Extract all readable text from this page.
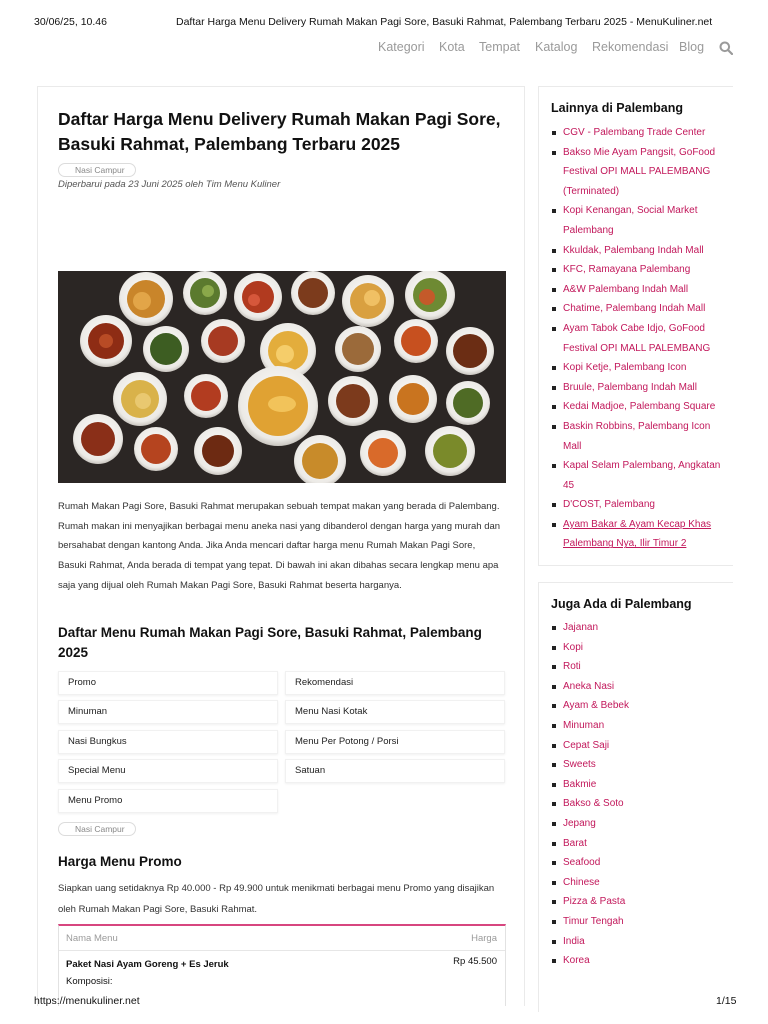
30/06/25, 10.46	Daftar Harga Menu Delivery Rumah Makan Pagi Sore, Basuki Rahmat, Palembang Terbaru 2025 - MenuKuliner.net
Kategori Kota Tempat Katalog Rekomendasi Blog
Daftar Harga Menu Delivery Rumah Makan Pagi Sore, Basuki Rahmat, Palembang Terbaru 2025
Nasi Campur

Diperbarui pada 23 Juni 2025 oleh Tim Menu Kuliner

Rumah Makan Pagi Sore, Basuki Rahmat merupakan sebuah tempat makan yang berada di Palembang. Rumah makan ini menyajikan berbagai menu aneka nasi yang dibanderol dengan harga yang murah dan bersahabat dengan kantong Anda. Jika Anda mencari daftar harga menu Rumah Makan Pagi Sore, Basuki Rahmat, Anda berada di tempat yang tepat. Di bawah ini akan dibahas secara lengkap menu apa saja yang dijual oleh Rumah Makan Pagi Sore, Basuki Rahmat beserta harganya.

Daftar Menu Rumah Makan Pagi Sore, Basuki Rahmat, Palembang 2025
Promo	Rekomendasi
Minuman	Menu Nasi Kotak
Nasi Bungkus	Menu Per Potong / Porsi
Special Menu	Satuan
Menu Promo
Nasi Campur
Harga Menu Promo

Siapkan uang setidaknya Rp 40.000 - Rp 49.900 untuk menikmati berbagai menu Promo yang disajikan oleh Rumah Makan Pagi Sore, Basuki Rahmat.

Nama Menu	Harga
Paket Nasi Ayam Goreng + Es Jeruk	Rp 45.500
Komposisi:
Lainnya di Palembang
CGV - Palembang Trade Center
Bakso Mie Ayam Pangsit, GoFood Festival OPI MALL PALEMBANG (Terminated)
Kopi Kenangan, Social Market Palembang
Kkuldak, Palembang Indah Mall
KFC, Ramayana Palembang
A&W Palembang Indah Mall
Chatime, Palembang Indah Mall
Ayam Tabok Cabe Idjo, GoFood Festival OPI MALL PALEMBANG
Kopi Ketje, Palembang Icon
Bruule, Palembang Indah Mall
Kedai Madjoe, Palembang Square
Baskin Robbins, Palembang Icon Mall
Kapal Selam Palembang, Angkatan 45
D'COST, Palembang
Ayam Bakar & Ayam Kecap Khas Palembang Nya, Ilir Timur 2
Juga Ada di Palembang
Jajanan
Kopi
Roti
Aneka Nasi
Ayam & Bebek
Minuman
Cepat Saji
Sweets
Bakmie
Bakso & Soto
Jepang
Barat
Seafood
Chinese
Pizza & Pasta
Timur Tengah
India
Korea
https://menukuliner.net	1/15
